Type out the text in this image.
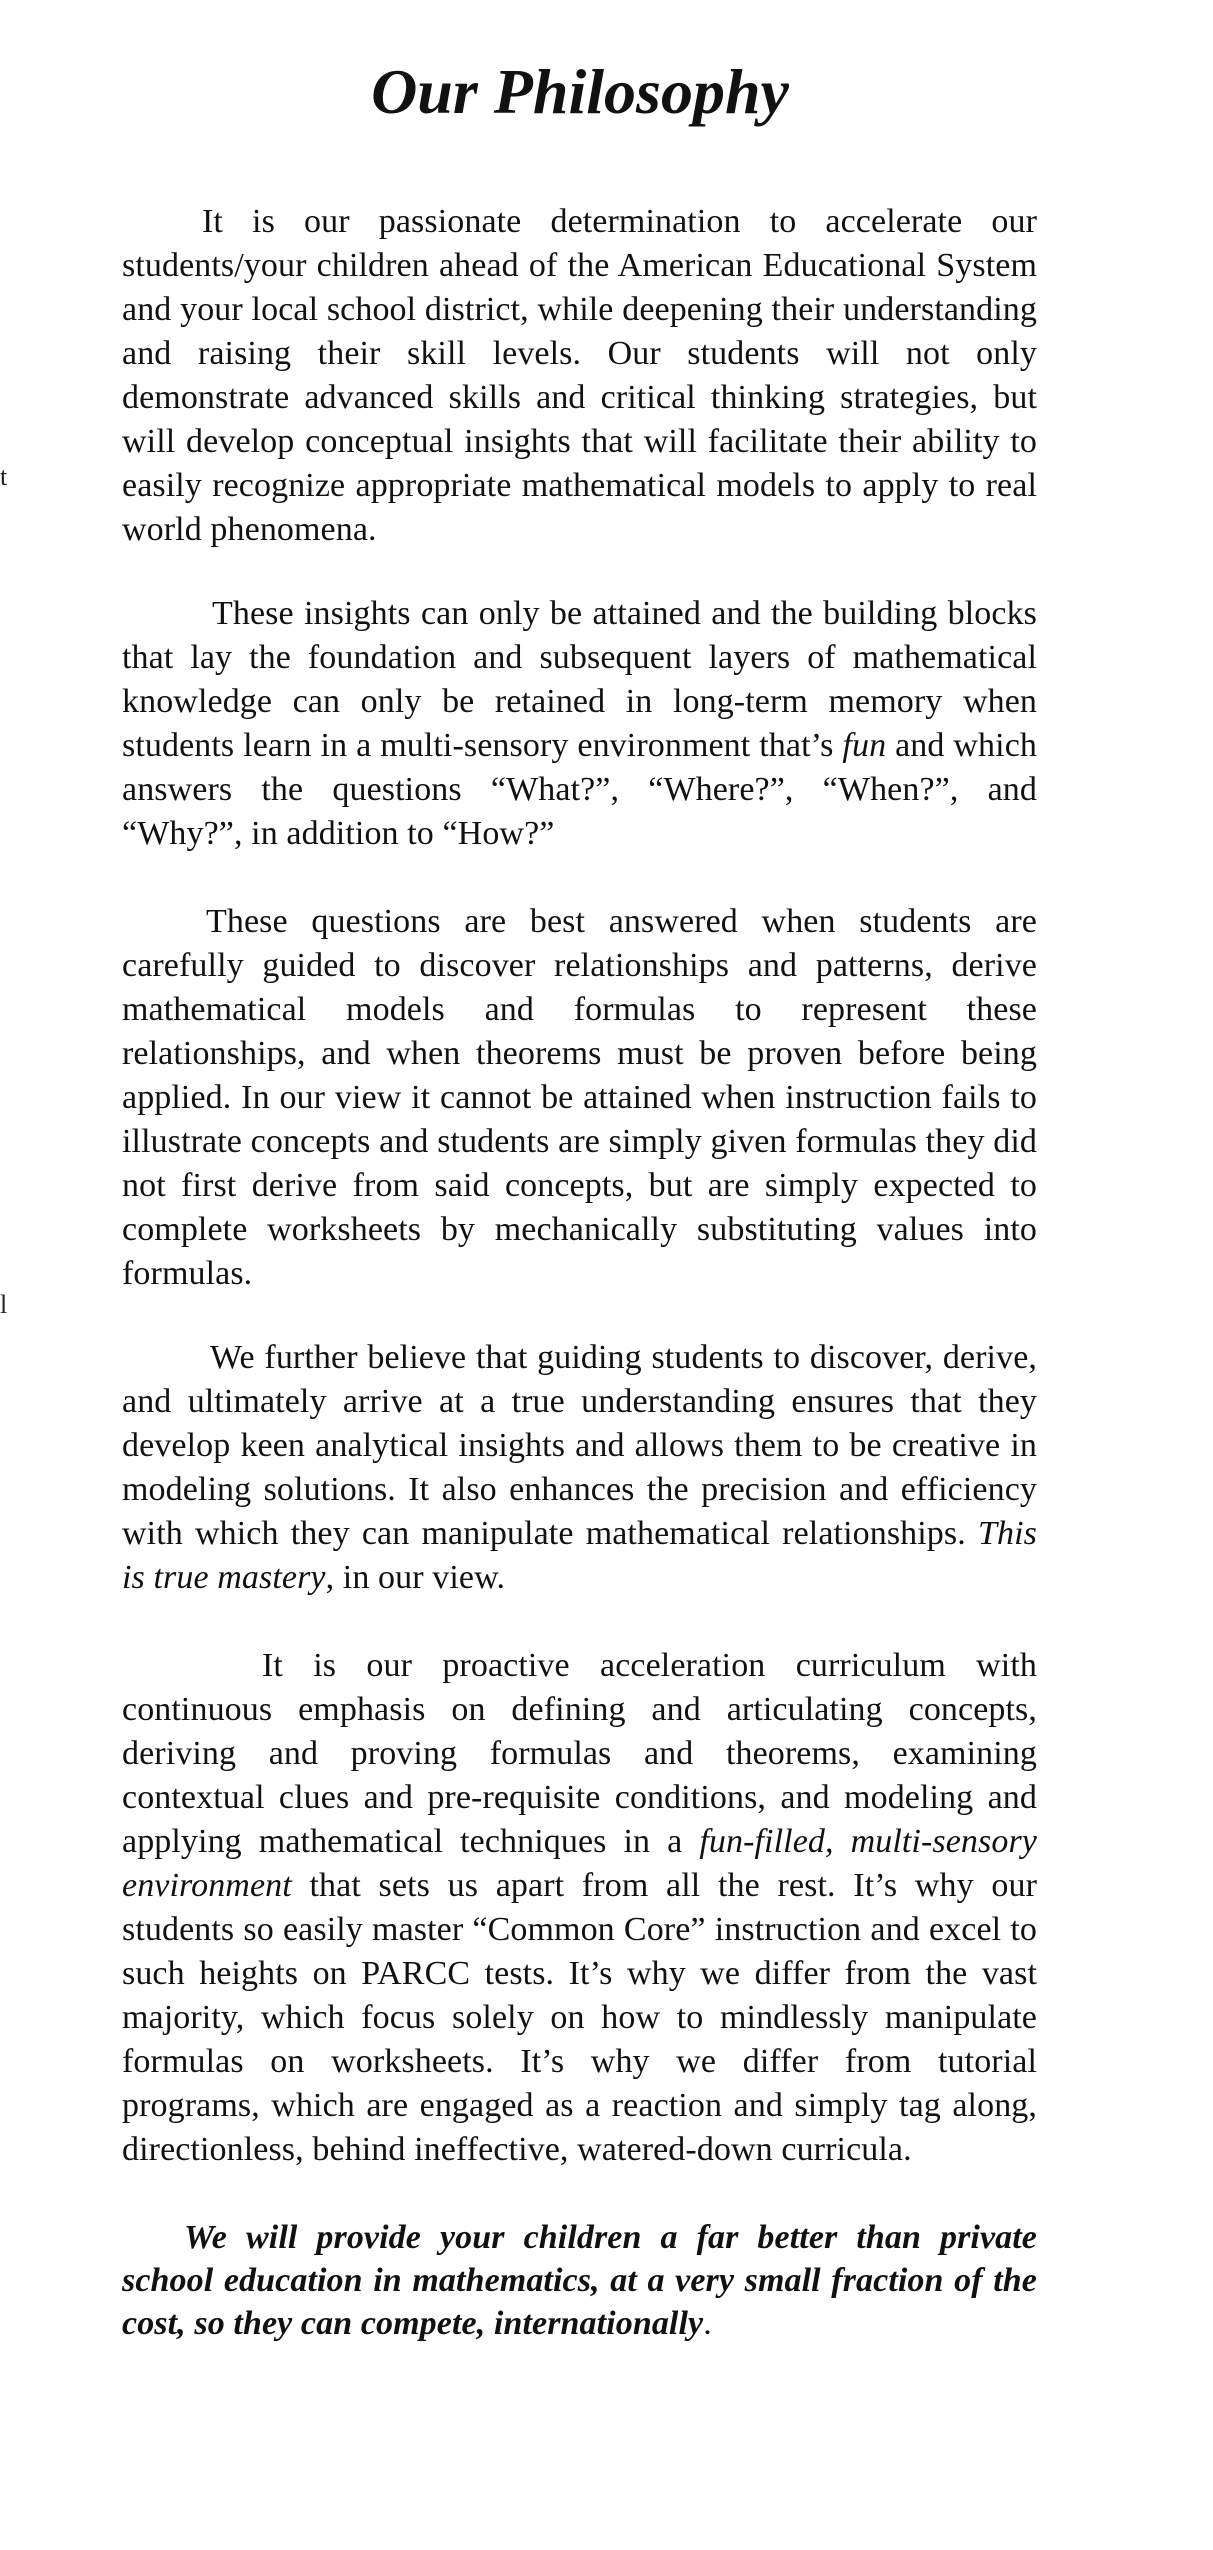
t
l
Our Philosophy

It is our passionate determination to accelerate our students/your children ahead of the American Educational System and your local school district, while deepening their understanding and raising their skill levels. Our students will not only demonstrate advanced skills and critical thinking strategies, but will develop conceptual insights that will facilitate their ability to easily recognize appropriate mathematical models to apply to real world phenomena.

These insights can only be attained and the building blocks that lay the foundation and subsequent layers of mathematical knowledge can only be retained in long-term memory when students learn in a multi-sensory environment that’s fun and which answers the questions “What?”, “Where?”, “When?”, and “Why?”, in addition to “How?”

These questions are best answered when students are carefully guided to discover relationships and patterns, derive mathematical models and formulas to represent these relationships, and when theorems must be proven before being applied. In our view it cannot be attained when instruction fails to illustrate concepts and students are simply given formulas they did not first derive from said concepts, but are simply expected to complete worksheets by mechanically substituting values into formulas.

We further believe that guiding students to discover, derive, and ultimately arrive at a true understanding ensures that they develop keen analytical insights and allows them to be creative in modeling solutions. It also enhances the precision and efficiency with which they can manipulate mathematical relationships. This is true mastery, in our view.

It is our proactive acceleration curriculum with continuous emphasis on defining and articulating concepts, deriving and proving formulas and theorems, examining contextual clues and pre-requisite conditions, and modeling and applying mathematical techniques in a fun-filled, multi-sensory environment that sets us apart from all the rest. It’s why our students so easily master “Common Core” instruction and excel to such heights on PARCC tests. It’s why we differ from the vast majority, which focus solely on how to mindlessly manipulate formulas on worksheets. It’s why we differ from tutorial programs, which are engaged as a reaction and simply tag along, directionless, behind ineffective, watered-down curricula.

We will provide your children a far better than private school education in mathematics, at a very small fraction of the cost, so they can compete, internationally.
